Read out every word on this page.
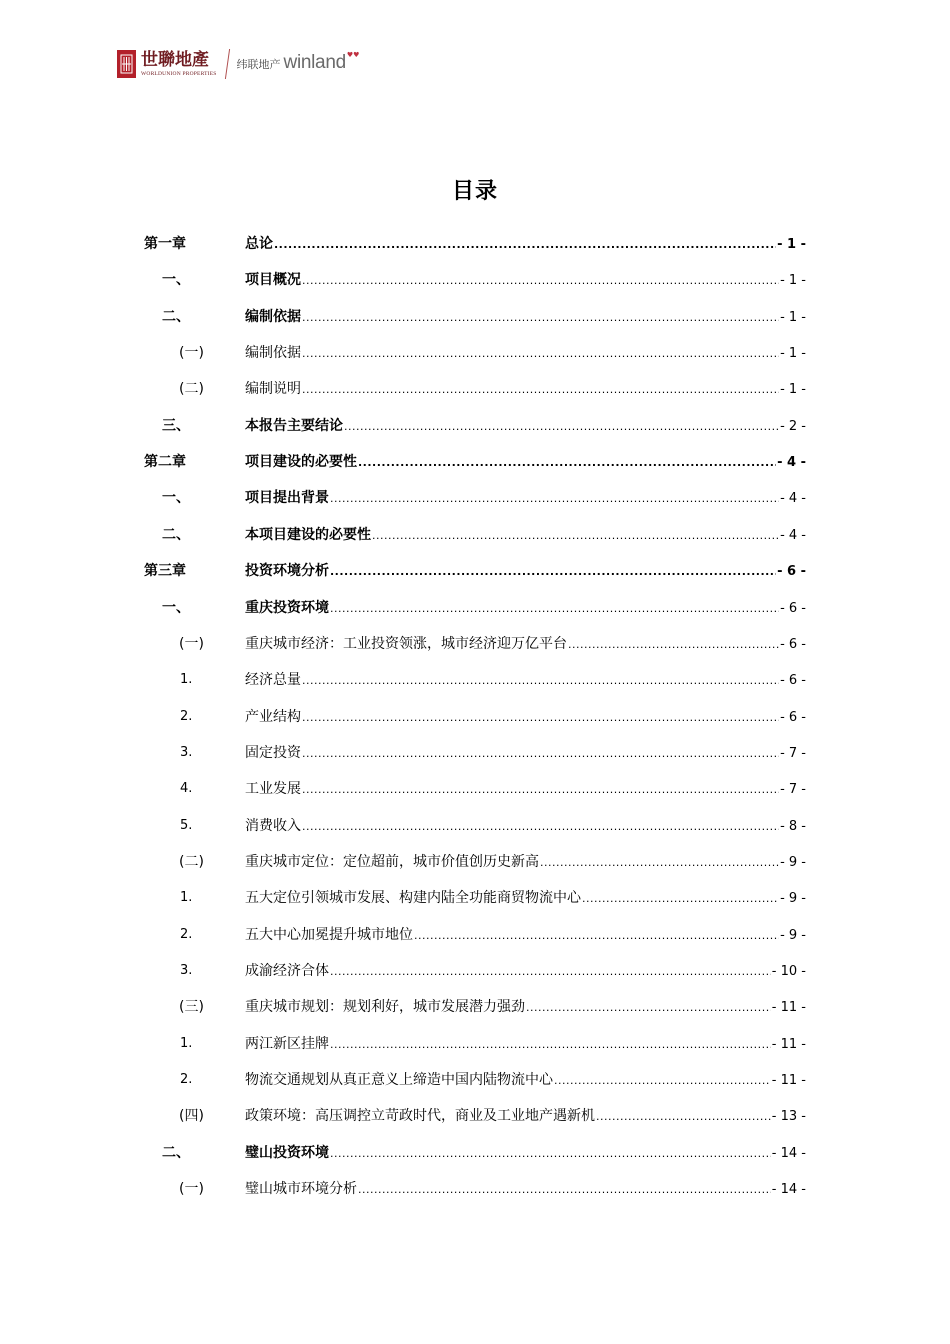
世聯地產
WORLDUNION PROPERTIES
纬联地产 winland ♥♥
目录
第一章	总论 .....	- 1 -
一、	项目概况 .....	- 1 -
二、	编制依据 .....	- 1 -
(一)	编制依据 .....	- 1 -
(二)	编制说明 .....	- 1 -
三、	本报告主要结论 .....	- 2 -
第二章	项目建设的必要性 .....	- 4 -
一、	项目提出背景 .....	- 4 -
二、	本项目建设的必要性 .....	- 4 -
第三章	投资环境分析 .....	- 6 -
一、	重庆投资环境 .....	- 6 -
(一)	重庆城市经济：工业投资领涨，城市经济迎万亿平台 .....	- 6 -
1.	经济总量 .....	- 6 -
2.	产业结构 .....	- 6 -
3.	固定投资 .....	- 7 -
4.	工业发展 .....	- 7 -
5.	消费收入 .....	- 8 -
(二)	重庆城市定位：定位超前，城市价值创历史新高 .....	- 9 -
1.	五大定位引领城市发展、构建内陆全功能商贸物流中心 .....	- 9 -
2.	五大中心加冕提升城市地位 .....	- 9 -
3.	成渝经济合体 .....	- 10 -
(三)	重庆城市规划：规划利好，城市发展潜力强劲 .....	- 11 -
1.	两江新区挂牌 .....	- 11 -
2.	物流交通规划从真正意义上缔造中国内陆物流中心 .....	- 11 -
(四)	政策环境：高压调控立苛政时代，商业及工业地产遇新机 .....	- 13 -
二、	璧山投资环境 .....	- 14 -
(一)	璧山城市环境分析 .....	- 14 -
